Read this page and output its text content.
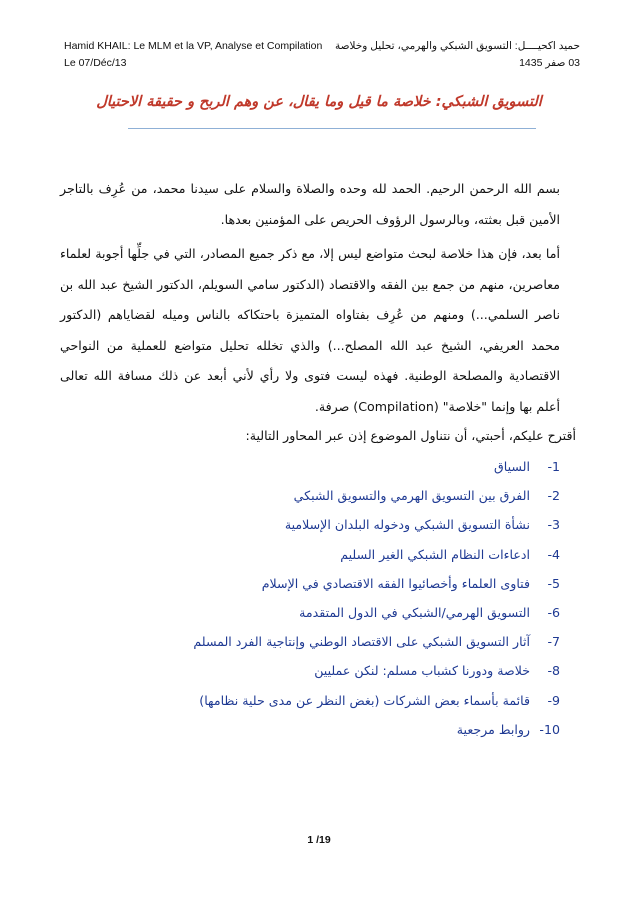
Hamid KHAIL: Le MLM et la VP, Analyse et Compilation
Le 07/Déc/13
حميد اكحيــــل: التسويق الشبكي والهرمي، تحليل وخلاصة
03 صفر 1435
التسويق الشبكي: خلاصة ما قيل وما يقال، عن وهم الربح و حقيقة الاحتيال

بسم الله الرحمن الرحيم. الحمد لله وحده والصلاة والسلام على سيدنا محمد، من عُرِف بالتاجر الأمين قبل بعثته، وبالرسول الرؤوف الحريص على المؤمنين بعدها.

أما بعد، فإن هذا خلاصة لبحث متواضع ليس إلا، مع ذكر جميع المصادر، التي في جلِّها أجوبة لعلماء معاصرين، منهم من جمع بين الفقه والاقتصاد (الدكتور سامي السويلم، الدكتور الشيخ عبد الله بن ناصر السلمي...) ومنهم من عُرِف بفتاواه المتميزة باحتكاكه بالناس وميله لقضاياهم (الدكتور محمد العريفي، الشيخ عبد الله المصلح...) والذي تخلله تحليل متواضع للعملية من النواحي الاقتصادية والمصلحة الوطنية. فهذه ليست فتوى ولا رأي لأني أبعد عن ذلك مسافة الله تعالى أعلم بها وإنما "خلاصة" (Compilation) صرفة.

أقترح عليكم، أحبتي، أن نتناول الموضوع إذن عبر المحاور التالية:
-1السياق
-2الفرق بين التسويق الهرمي والتسويق الشبكي
-3نشأة التسويق الشبكي ودخوله البلدان الإسلامية
-4ادعاءات النظام الشبكي الغير السليم
-5فتاوى العلماء وأخصائيوا الفقه الاقتصادي في الإسلام
-6التسويق الهرمي/الشبكي في الدول المتقدمة
-7آثار التسويق الشبكي على الاقتصاد الوطني وإنتاجية الفرد المسلم
-8خلاصة ودورنا كشباب مسلم: لنكن عمليين
-9قائمة بأسماء بعض الشركات (بغض النظر عن مدى حلية نظامها)
-10روابط مرجعية
1 /19
